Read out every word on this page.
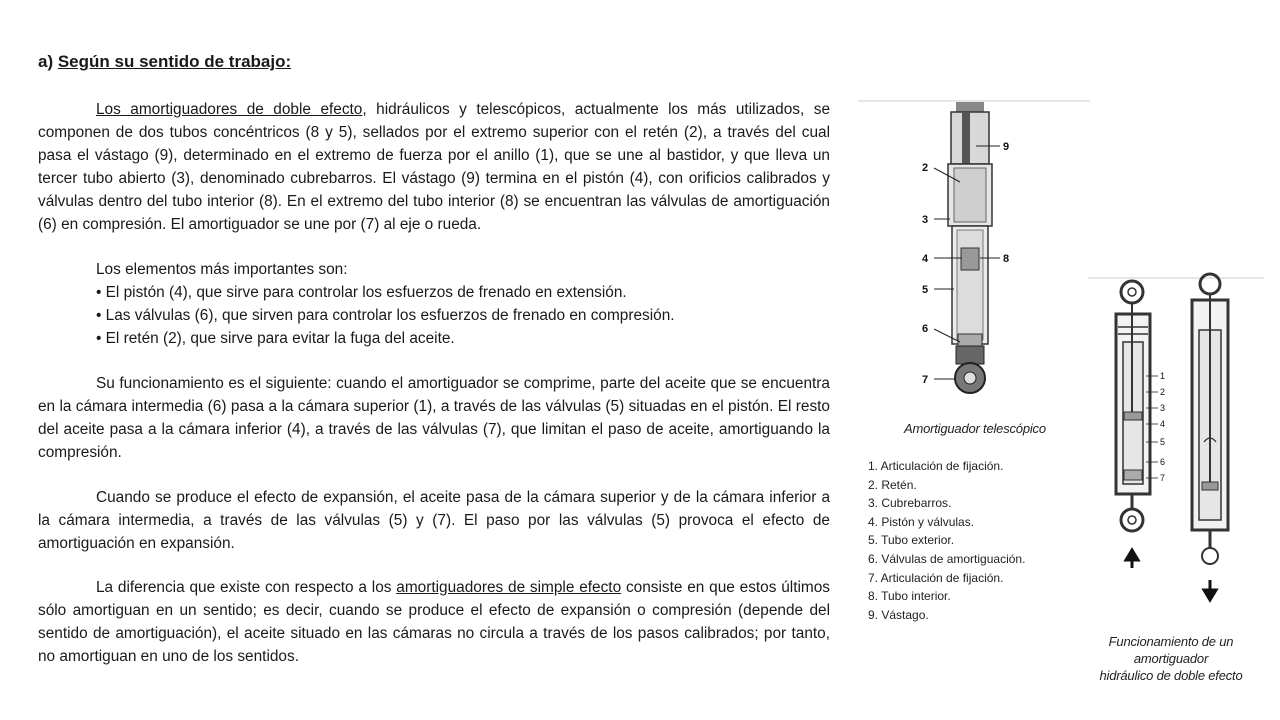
a) Según su sentido de trabajo:
Los amortiguadores de doble efecto, hidráulicos y telescópicos, actualmente los más utilizados, se componen de dos tubos concéntricos (8 y 5), sellados por el extremo superior con el retén (2), a través del cual pasa el vástago (9), determinado en el extremo de fuerza por el anillo (1), que se une al bastidor, y que lleva un tercer tubo abierto (3), denominado cubrebarros. El vástago (9) termina en el pistón (4), con orificios calibrados y válvulas dentro del tubo interior (8). En el extremo del tubo interior (8) se encuentran las válvulas de amortiguación (6) en compresión. El amortiguador se une por (7) al eje o rueda.
Los elementos más importantes son:
• El pistón (4), que sirve para controlar los esfuerzos de frenado en extensión.
• Las válvulas (6), que sirven para controlar los esfuerzos de frenado en compresión.
• El retén (2), que sirve para evitar la fuga del aceite.
Su funcionamiento es el siguiente: cuando el amortiguador se comprime, parte del aceite que se encuentra en la cámara intermedia (6) pasa a la cámara superior (1), a través de las válvulas (5) situadas en el pistón. El resto del aceite pasa a la cámara inferior (4), a través de las válvulas (7), que limitan el paso de aceite, amortiguando la compresión.
Cuando se produce el efecto de expansión, el aceite pasa de la cámara superior y de la cámara inferior a la cámara intermedia, a través de las válvulas (5) y (7). El paso por las válvulas (5) provoca el efecto de amortiguación en expansión.
La diferencia que existe con respecto a los amortiguadores de simple efecto consiste en que estos últimos sólo amortiguan en un sentido; es decir, cuando se produce el efecto de expansión o compresión (depende del sentido de amortiguación), el aceite situado en las cámaras no circula a través de los pasos calibrados; por tanto, no amortiguan en uno de los sentidos.
2
3
4
5
6
7
8
9
Amortiguador telescópico
1. Articulación de fijación.
2. Retén.
3. Cubrebarros.
4. Pistón y válvulas.
5. Tubo exterior.
6. Válvulas de amortiguación.
7. Articulación de fijación.
8. Tubo interior.
9. Vástago.
1
2
3
4
5
6
7
Funcionamiento de un amortiguador
hidráulico de doble efecto
